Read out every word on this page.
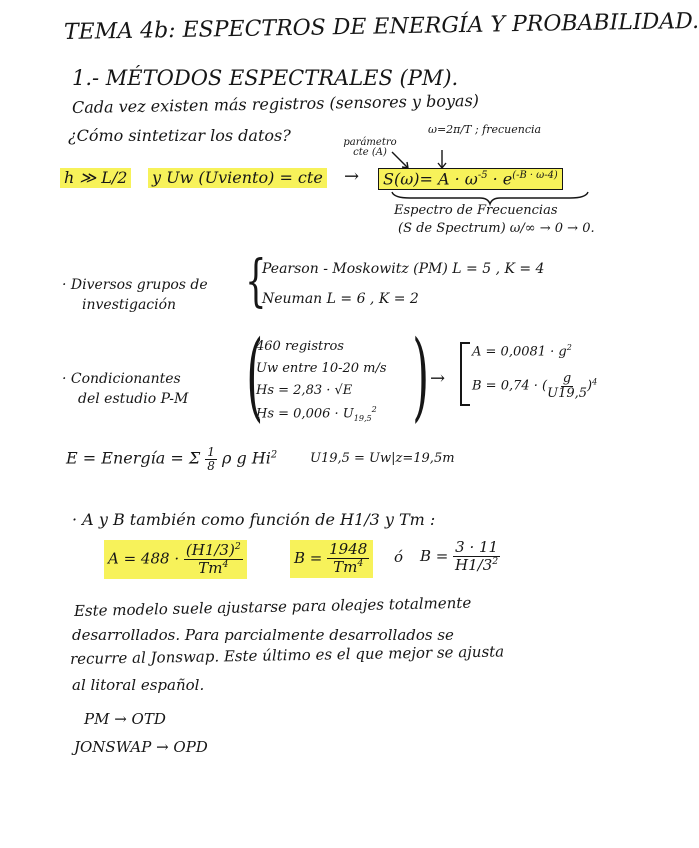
TEMA 4b: ESPECTROS DE ENERGÍA Y PROBABILIDAD.
1.- MÉTODOS ESPECTRALES (PM).
Cada vez existen más registros (sensores y boyas)
¿Cómo sintetizar los datos?	parámetro cte (A)
ω=2π/T ; frecuencia
h ≫ L/2 y Uw (Uviento) = cte →	$S(\omega)= A \cdot \omega^{-5} \cdot e^{(-B \cdot \omega-4)}$
Espectro de Frecuencias
(S de Spectrum) ω/∞ → 0 → 0.
· Diversos grupos de
investigación {
Pearson - Moskowitz (PM) L = 5 , K = 4
Neuman L = 6 , K = 2
· Condicionantes
del estudio P-M (
460 registros
Uw entre 10-20 m/s
Hs = 2,83 · √E
$Hs = 0,006 \cdot U_{19,5}^2$ ) →
$A = 0,0081 \cdot g^2$
B = 0,74 · ( $\frac{g}{U19,5} )^4$
E = Energía = Σ $\frac{1}{8}$ ρ g Hi$^2$	U19,5 = Uw|z=19,5m
· A y B también como función de H1/3 y Tm :
$A = 488 \cdot \frac{(H1/3)^2}{Tm^4}$	$B = \frac{1948}{Tm^4}$ ó $B = \frac{3 \cdot 11}{H1/3^2}$
Este modelo suele ajustarse para oleajes totalmente
desarrollados. Para parcialmente desarrollados se
recurre al Jonswap. Este último es el que mejor se ajusta
al litoral español.
PM → OTD
JONSWAP → OPD
